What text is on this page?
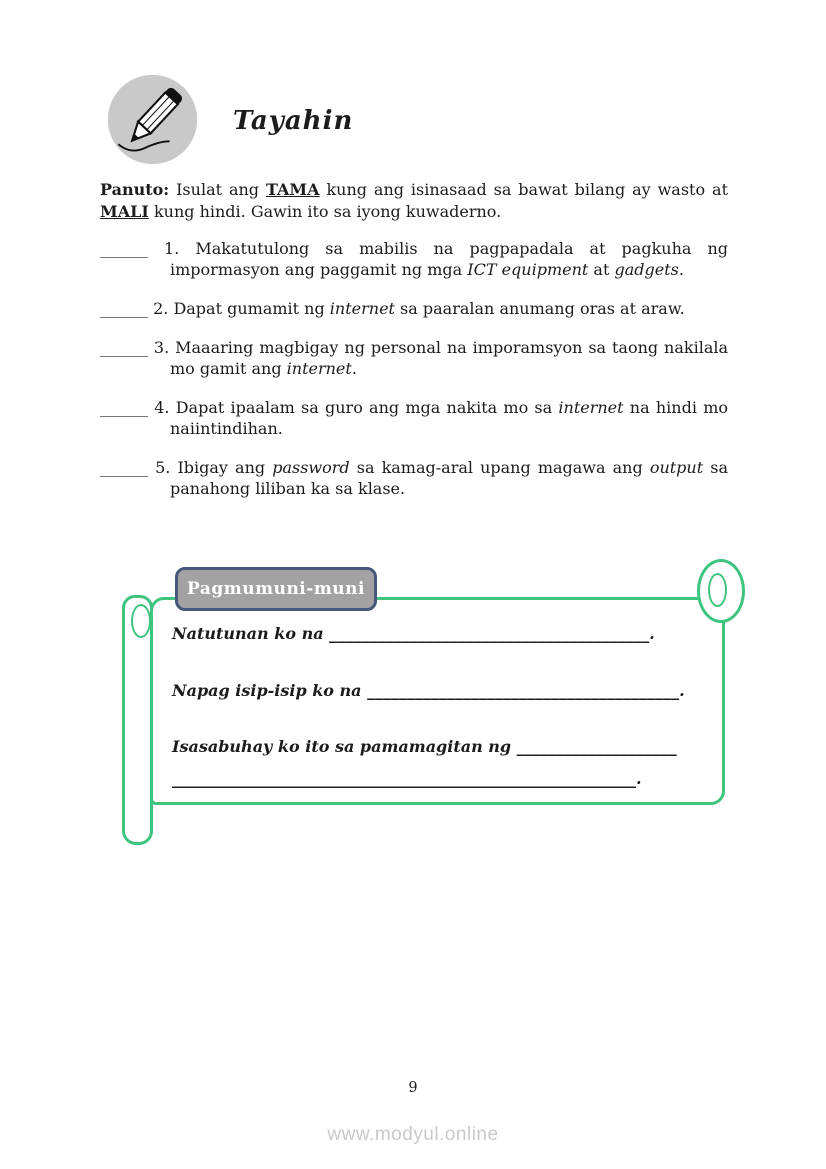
Tayahin
Panuto: Isulat ang TAMA kung ang isinasaad sa bawat bilang ay wasto at MALI kung hindi. Gawin ito sa iyong kuwaderno.
______ 1. Makatutulong sa mabilis na pagpapadala at pagkuha ng impormasyon ang paggamit ng mga ICT equipment at gadgets.
______ 2. Dapat gumamit ng internet sa paaralan anumang oras at araw.
______ 3. Maaaring magbigay ng personal na imporamsyon sa taong nakilala mo gamit ang internet.
______ 4. Dapat ipaalam sa guro ang mga nakita mo sa internet na hindi mo naiintindihan.
______ 5. Ibigay ang password sa kamag-aral upang magawa ang output sa panahong liliban ka sa klase.
Pagmumuni-muni
Natutunan ko na ________________________________________.
Napag isip-isip ko na _______________________________________.
Isasabuhay ko ito sa pamamagitan ng ____________________
__________________________________________________________.
9
www.modyul.online
